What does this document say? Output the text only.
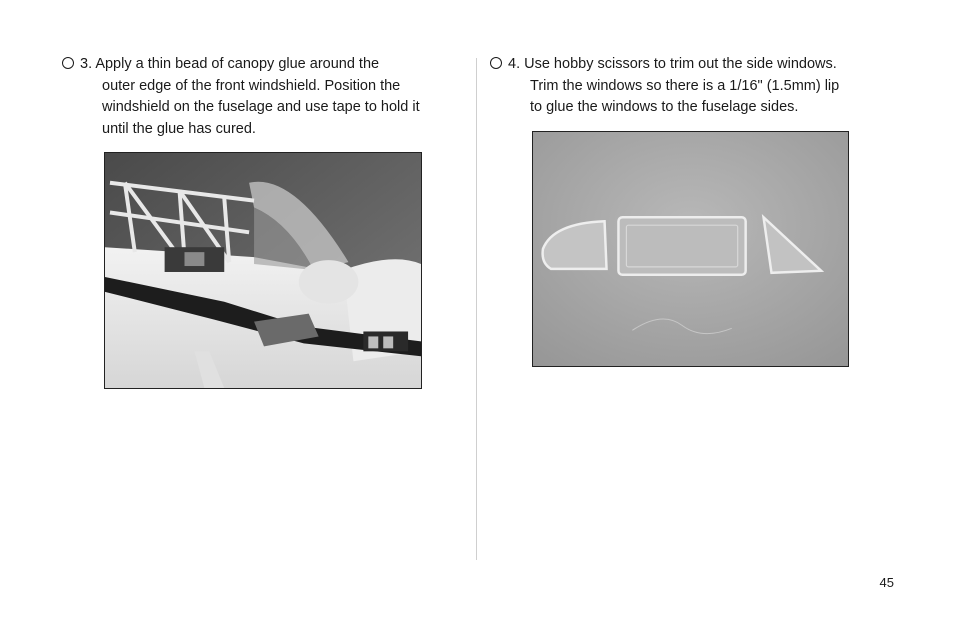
3. Apply a thin bead of canopy glue around the
outer edge of the front windshield. Position the
windshield on the fuselage and use tape to hold it
until the glue has cured.
4. Use hobby scissors to trim out the side windows.
Trim the windows so there is a 1/16" (1.5mm) lip
to glue the windows to the fuselage sides.
45
